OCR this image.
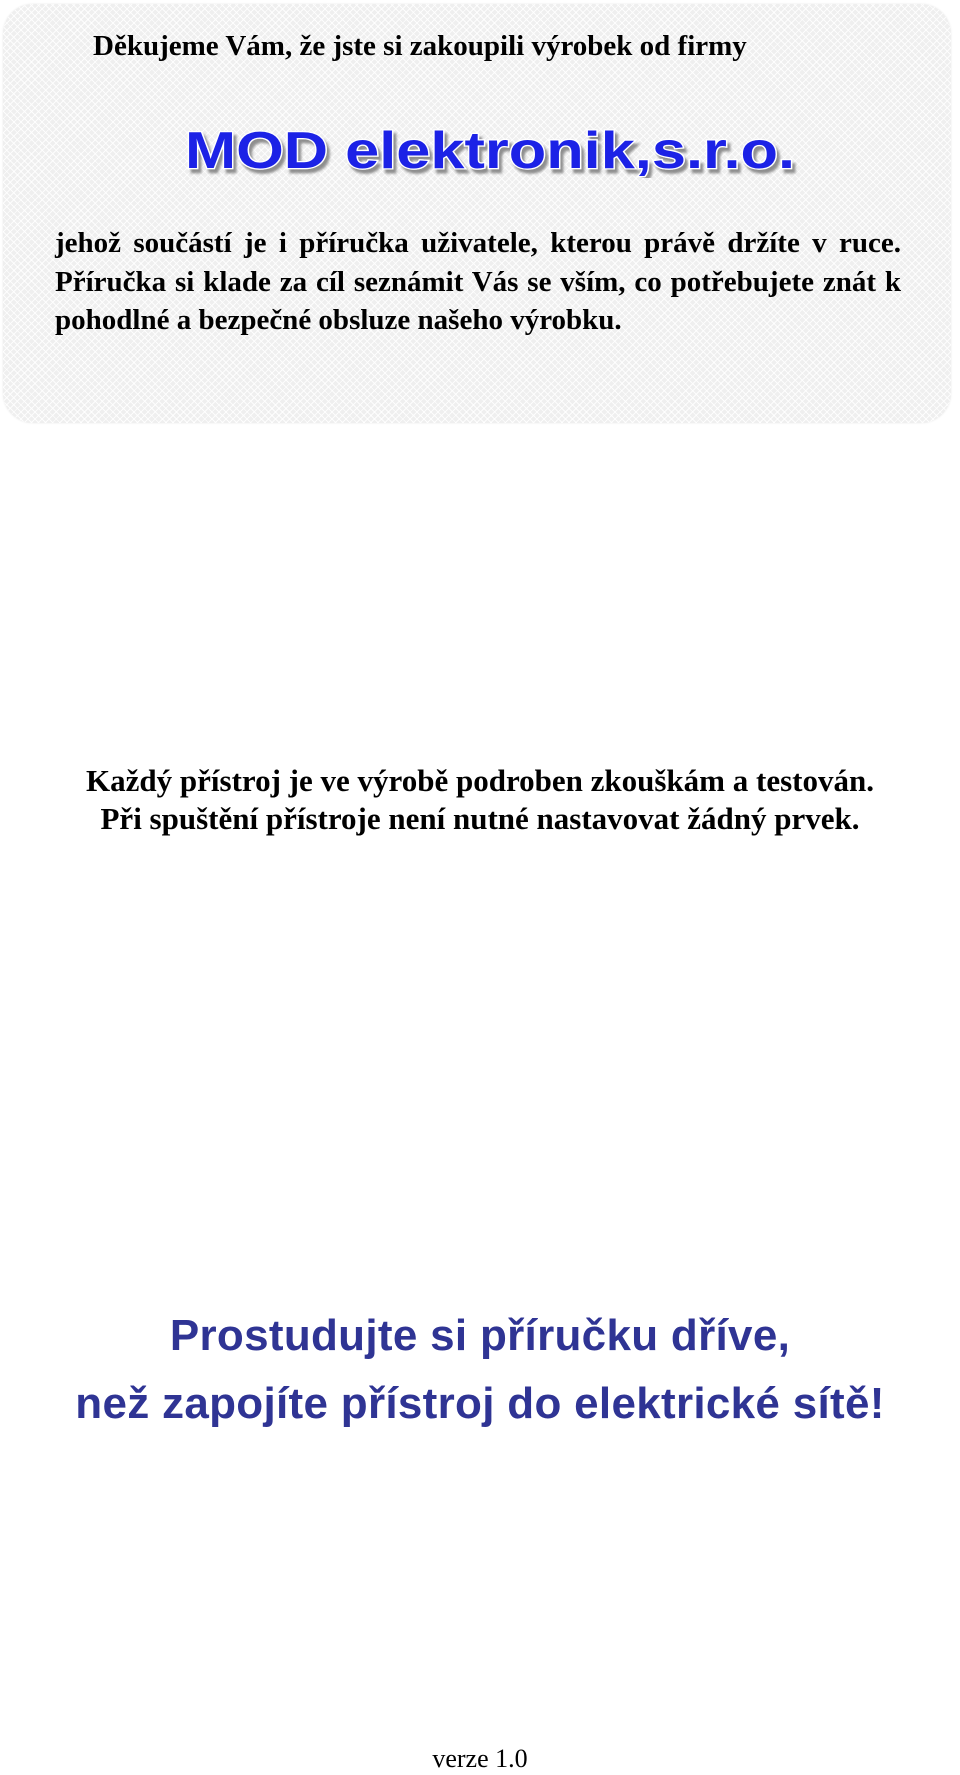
Děkujeme Vám, že jste si zakoupili výrobek od firmy
MOD elektronik,s.r.o.

jehož součástí je i příručka uživatele, kterou právě držíte v ruce. Příručka si klade za cíl seznámit Vás se vším, co potřebujete znát k pohodlné a bezpečné obsluze našeho výrobku.

Každý přístroj je ve výrobě podroben zkouškám a testován.
Při spuštění přístroje není nutné nastavovat žádný prvek.
Prostudujte si příručku dříve,
než zapojíte přístroj do elektrické sítě!
verze 1.0
